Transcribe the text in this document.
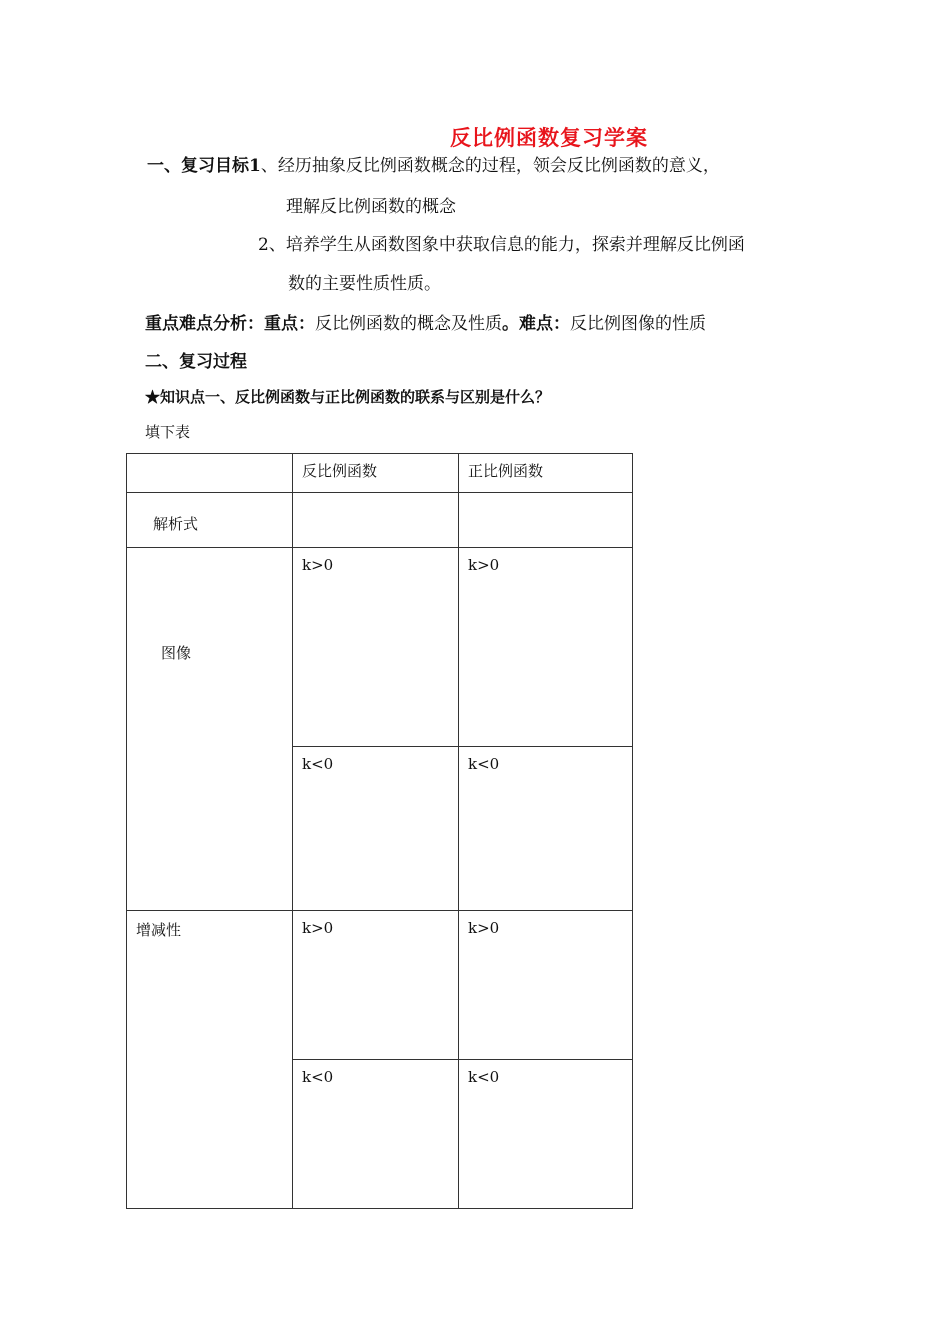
反比例函数复习学案
一、复习目标1、经历抽象反比例函数概念的过程，领会反比例函数的意义，
理解反比例函数的概念
2、培养学生从函数图象中获取信息的能力，探索并理解反比例函
数的主要性质性质。
重点难点分析：重点：反比例函数的概念及性质。难点：反比例图像的性质
二、复习过程
★知识点一、反比例函数与正比例函数的联系与区别是什么？
填下表

	反比例函数	正比例函数

解析式		

图像	k>0	k>0

	k<0	k<0

增减性	k>0	k>0

	k<0	k<0
